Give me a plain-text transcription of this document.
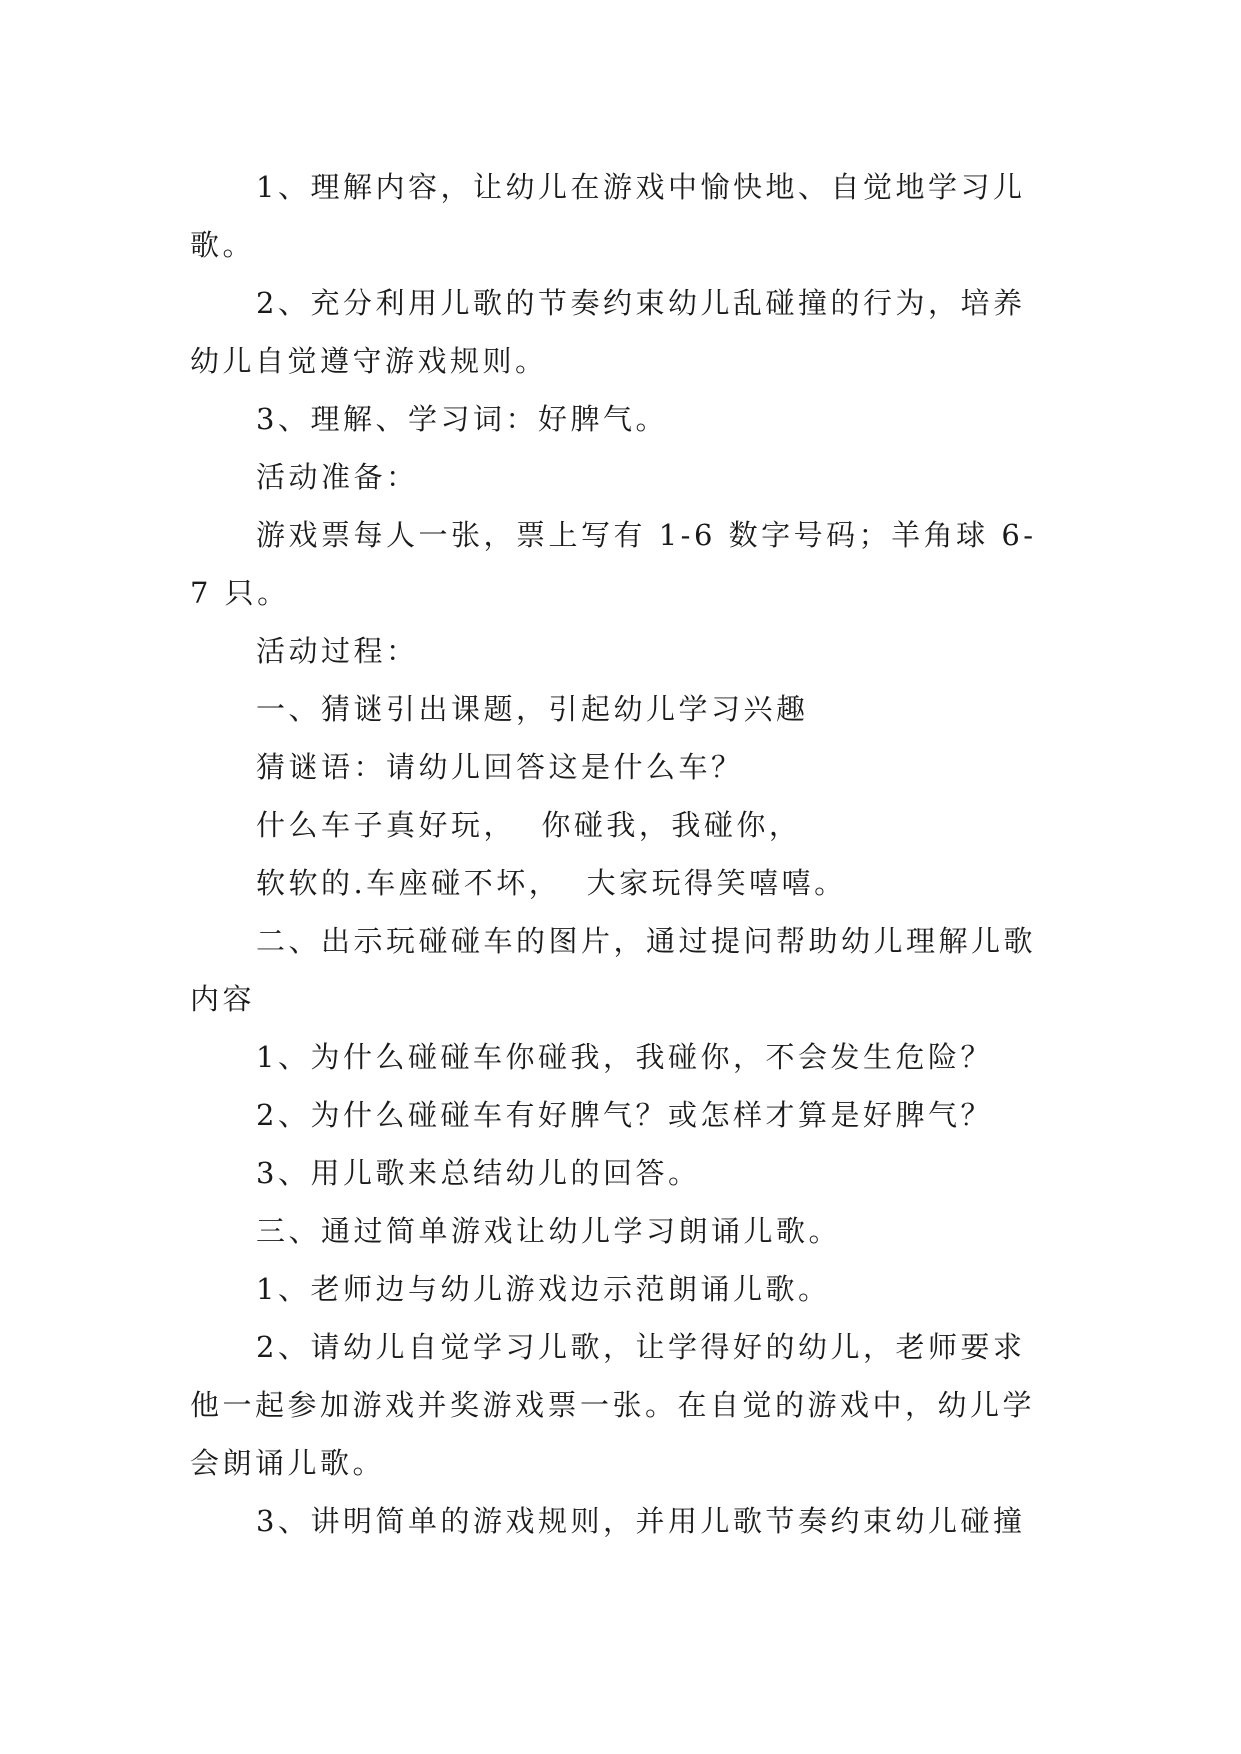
1、理解内容，让幼儿在游戏中愉快地、自觉地学习儿歌。

2、充分利用儿歌的节奏约束幼儿乱碰撞的行为，培养幼儿自觉遵守游戏规则。

3、理解、学习词：好脾气。

活动准备：

游戏票每人一张，票上写有 1-6 数字号码；羊角球 6-7 只。

活动过程：

一、猜谜引出课题，引起幼儿学习兴趣

猜谜语：请幼儿回答这是什么车？

什么车子真好玩，  你碰我，我碰你，

软软的.车座碰不坏，  大家玩得笑嘻嘻。

二、出示玩碰碰车的图片，通过提问帮助幼儿理解儿歌内容

1、为什么碰碰车你碰我，我碰你，不会发生危险？

2、为什么碰碰车有好脾气？或怎样才算是好脾气？

3、用儿歌来总结幼儿的回答。

三、通过简单游戏让幼儿学习朗诵儿歌。

1、老师边与幼儿游戏边示范朗诵儿歌。

2、请幼儿自觉学习儿歌，让学得好的幼儿，老师要求他一起参加游戏并奖游戏票一张。在自觉的游戏中，幼儿学会朗诵儿歌。

3、讲明简单的游戏规则，并用儿歌节奏约束幼儿碰撞
